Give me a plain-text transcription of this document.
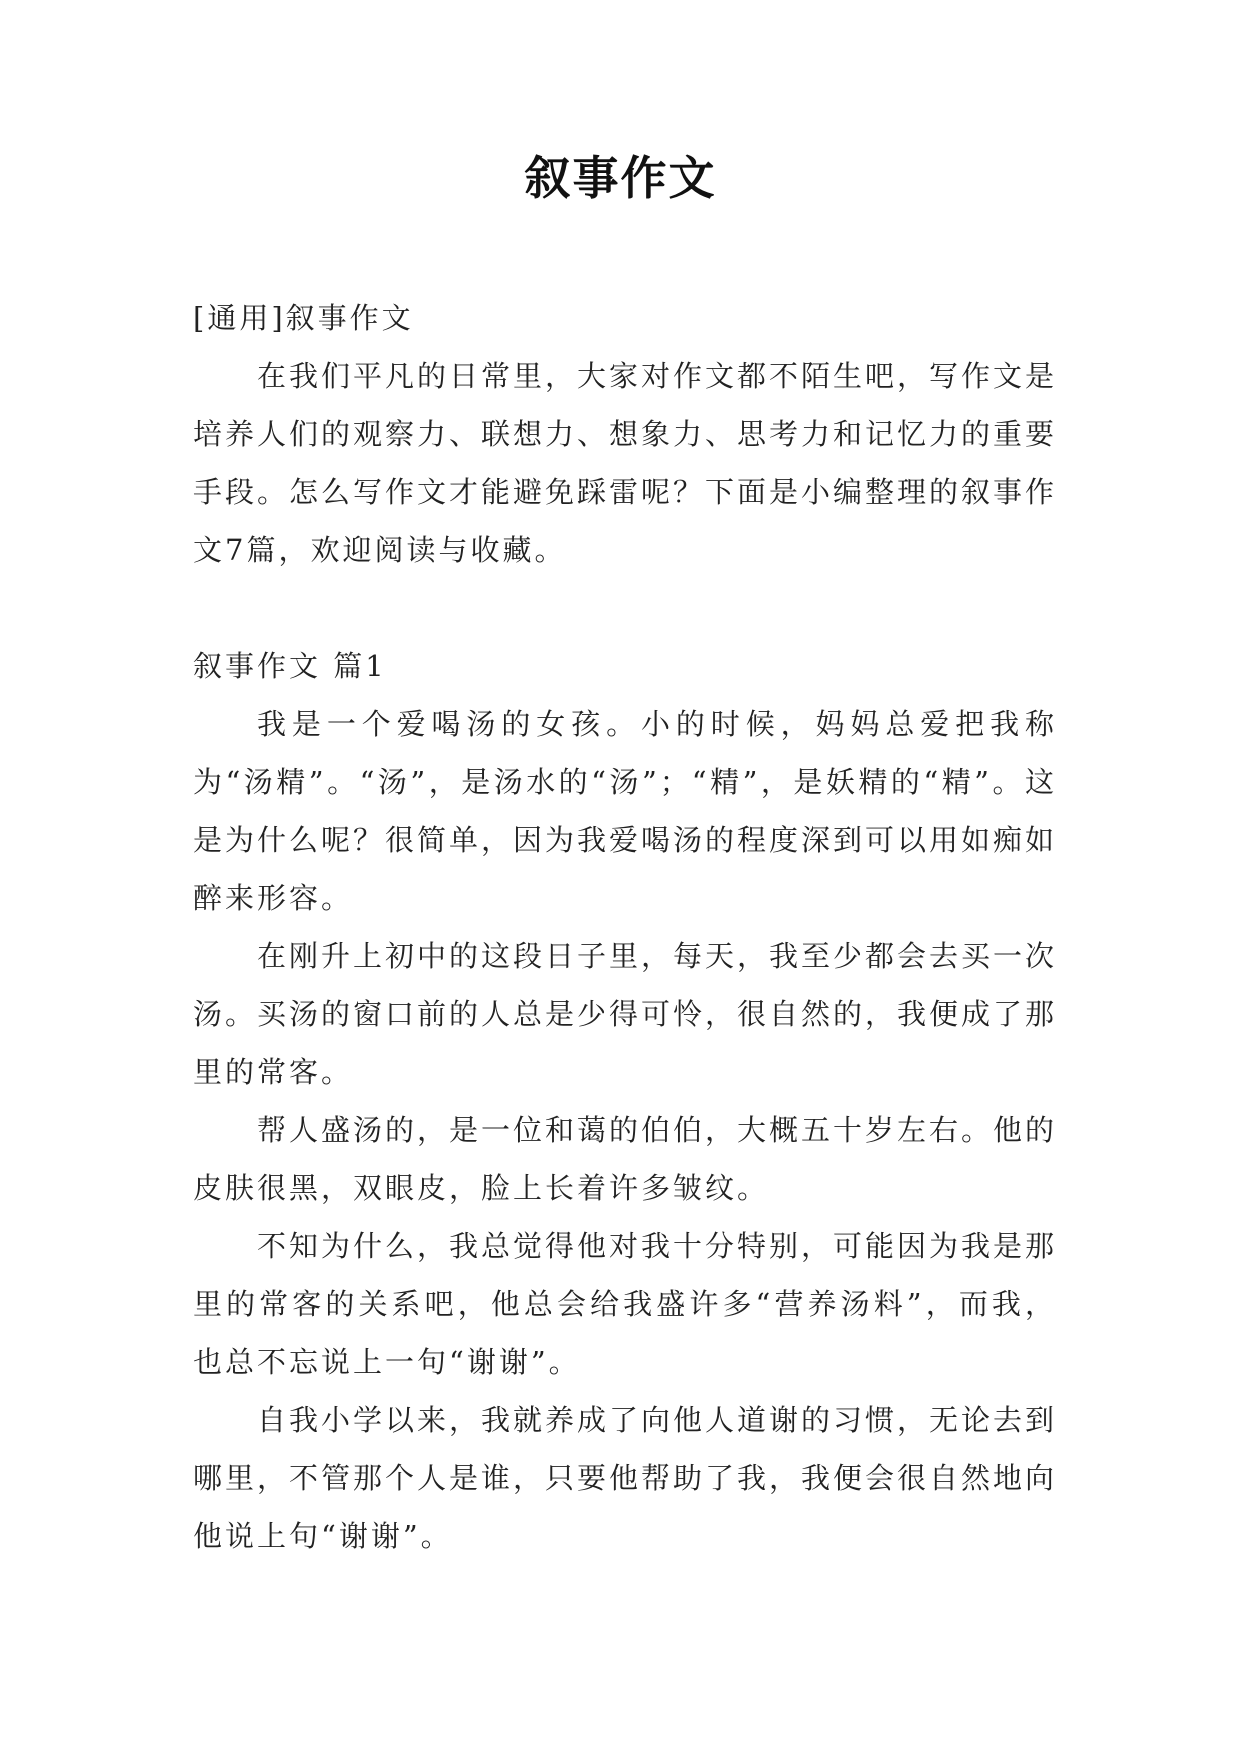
叙事作文

[通用]叙事作文

在我们平凡的日常里，大家对作文都不陌生吧，写作文是培养人们的观察力、联想力、想象力、思考力和记忆力的重要手段。怎么写作文才能避免踩雷呢？下面是小编整理的叙事作文7篇，欢迎阅读与收藏。

叙事作文 篇1

我是一个爱喝汤的女孩。小的时候，妈妈总爱把我称为“汤精”。“汤”，是汤水的“汤”；“精”，是妖精的“精”。这是为什么呢？很简单，因为我爱喝汤的程度深到可以用如痴如醉来形容。

在刚升上初中的这段日子里，每天，我至少都会去买一次汤。买汤的窗口前的人总是少得可怜，很自然的，我便成了那里的常客。

帮人盛汤的，是一位和蔼的伯伯，大概五十岁左右。他的皮肤很黑，双眼皮，脸上长着许多皱纹。

不知为什么，我总觉得他对我十分特别，可能因为我是那里的常客的关系吧，他总会给我盛许多“营养汤料”，而我，也总不忘说上一句“谢谢”。

自我小学以来，我就养成了向他人道谢的习惯，无论去到哪里，不管那个人是谁，只要他帮助了我，我便会很自然地向他说上句“谢谢”。
